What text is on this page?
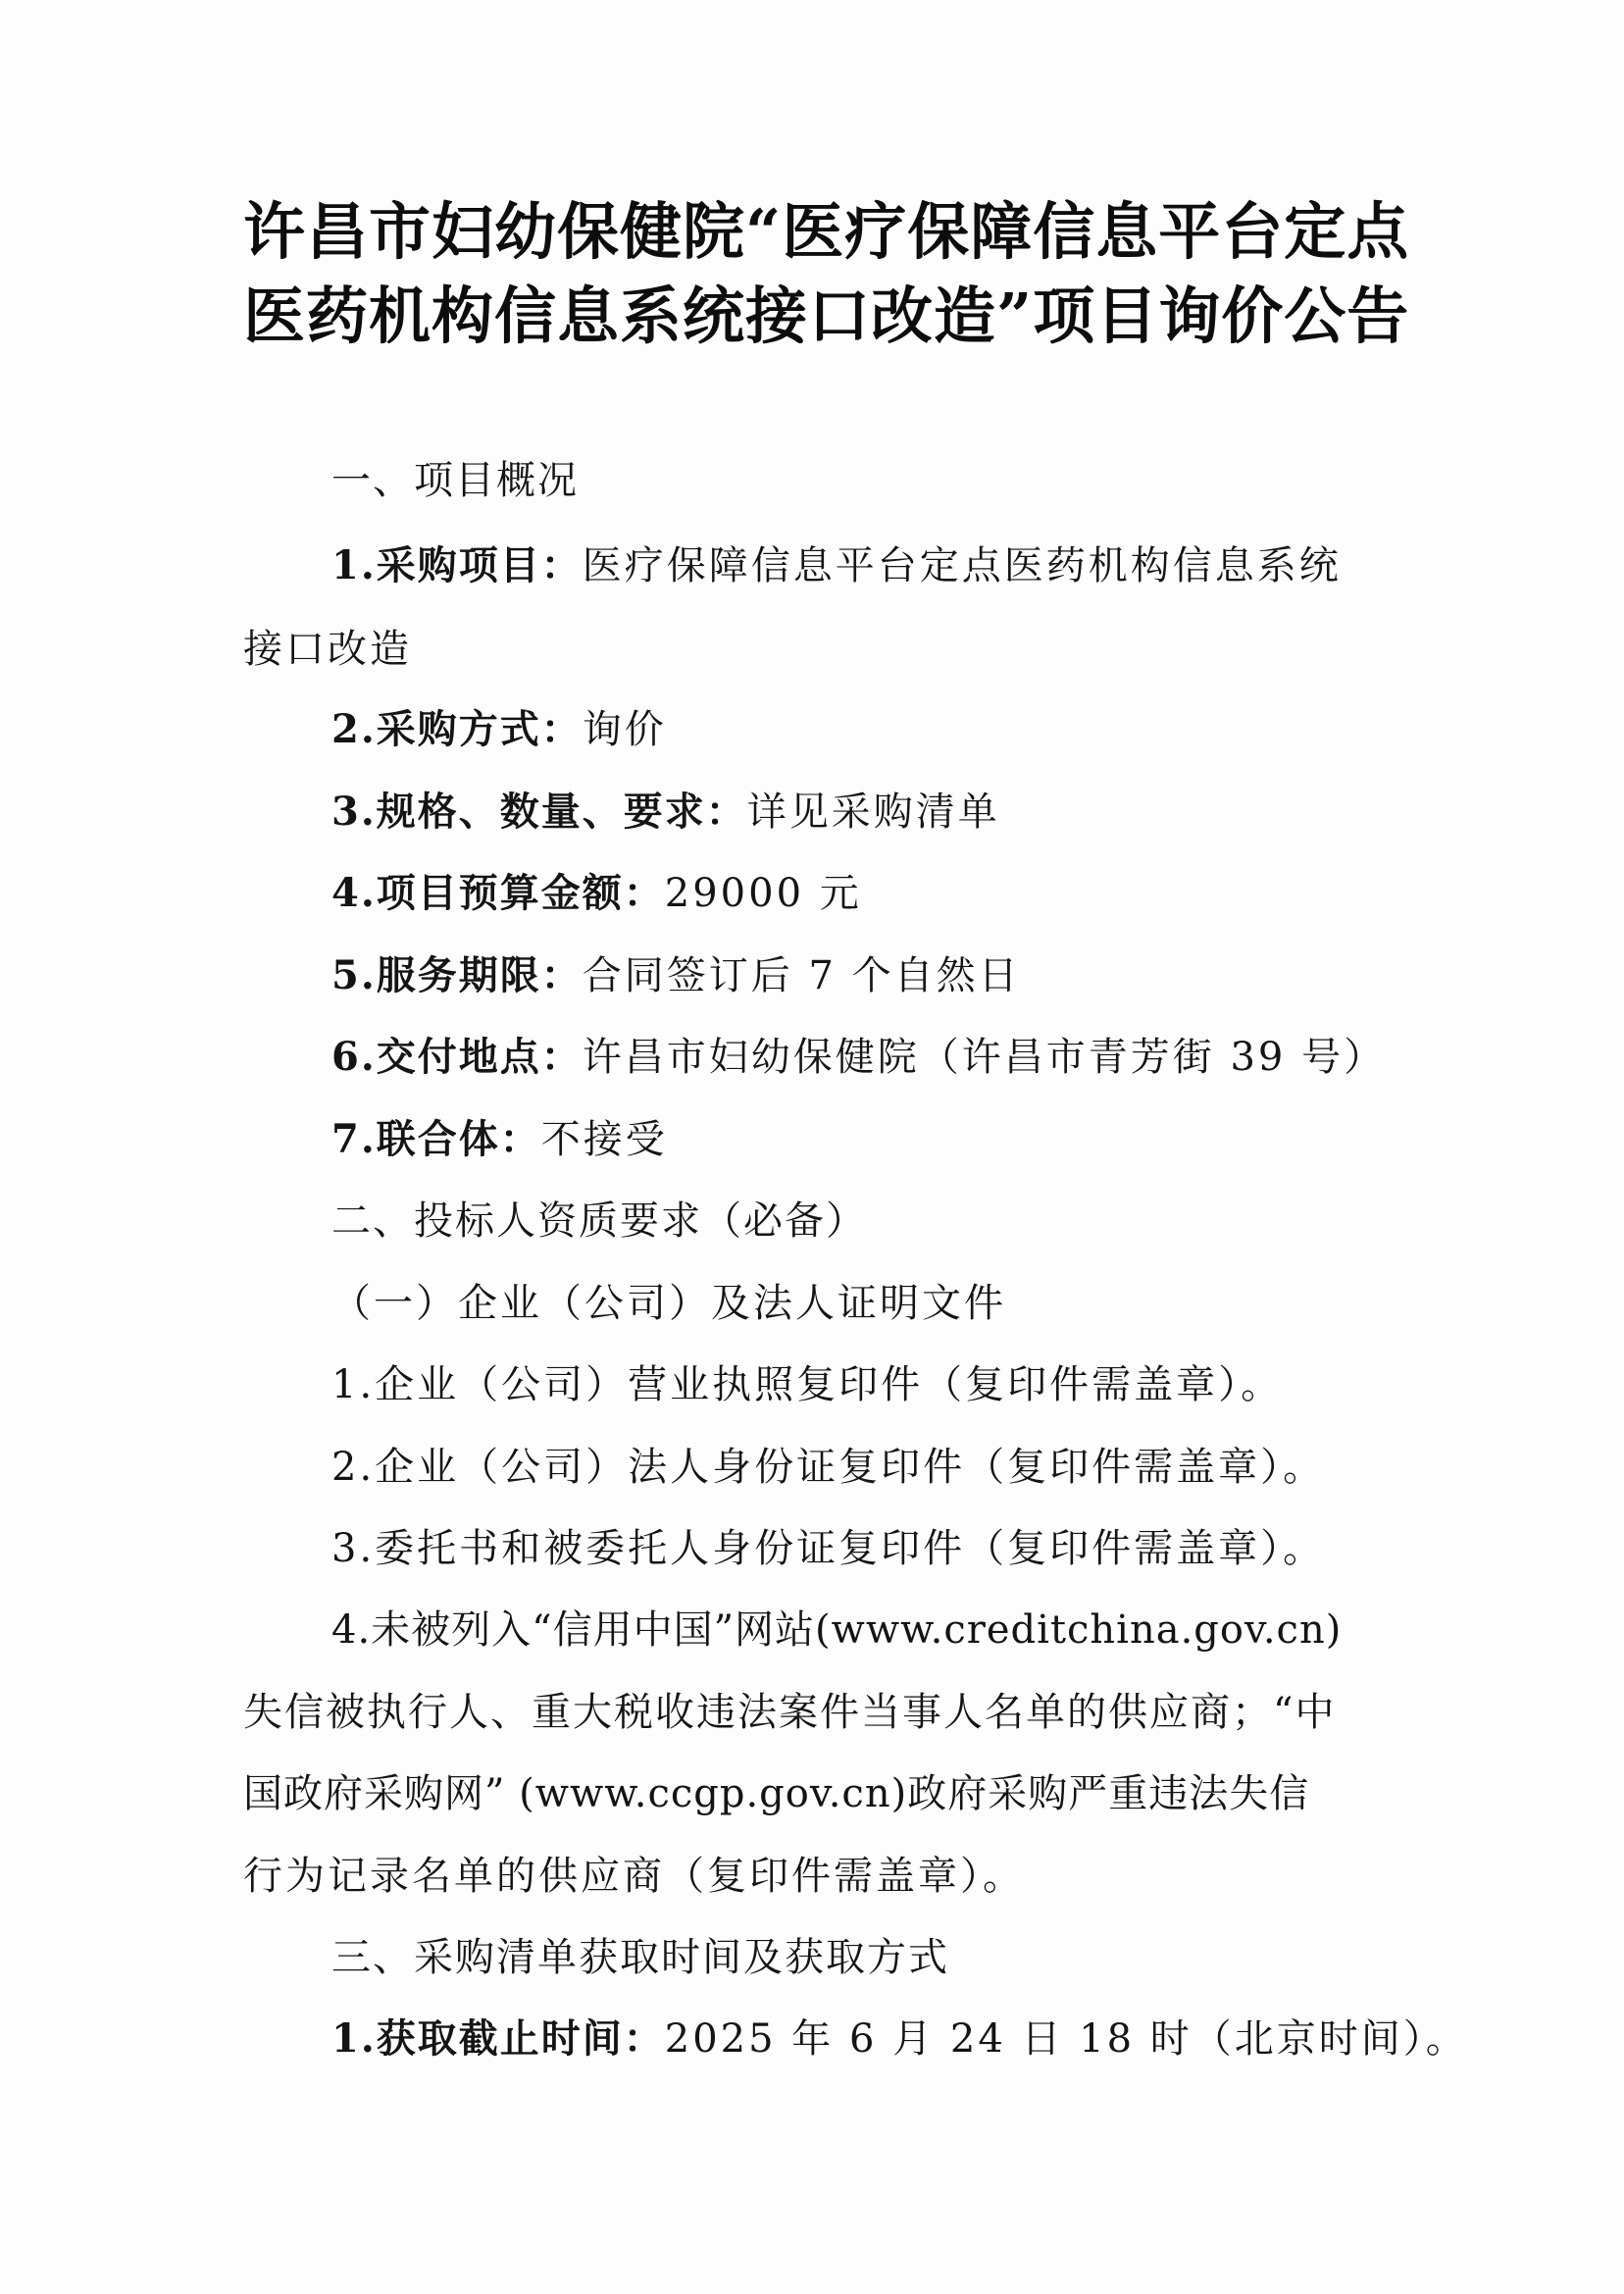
许昌市妇幼保健院“医疗保障信息平台定点
医药机构信息系统接口改造”项目询价公告
一、项目概况
1.采购项目：医疗保障信息平台定点医药机构信息系统
接口改造
2.采购方式：询价
3.规格、数量、要求：详见采购清单
4.项目预算金额：29000 元
5.服务期限：合同签订后 7 个自然日
6.交付地点：许昌市妇幼保健院（许昌市青芳街 39 号）
7.联合体：不接受
二、投标人资质要求（必备）
（一）企业（公司）及法人证明文件
1.企业（公司）营业执照复印件（复印件需盖章）。
2.企业（公司）法人身份证复印件（复印件需盖章）。
3.委托书和被委托人身份证复印件（复印件需盖章）。
4.未被列入“信用中国”网站(www.creditchina.gov.cn)
失信被执行人、重大税收违法案件当事人名单的供应商；“中
国政府采购网” (www.ccgp.gov.cn)政府采购严重违法失信
行为记录名单的供应商（复印件需盖章）。
三、采购清单获取时间及获取方式
1.获取截止时间：2025 年 6 月 24 日 18 时（北京时间）。
